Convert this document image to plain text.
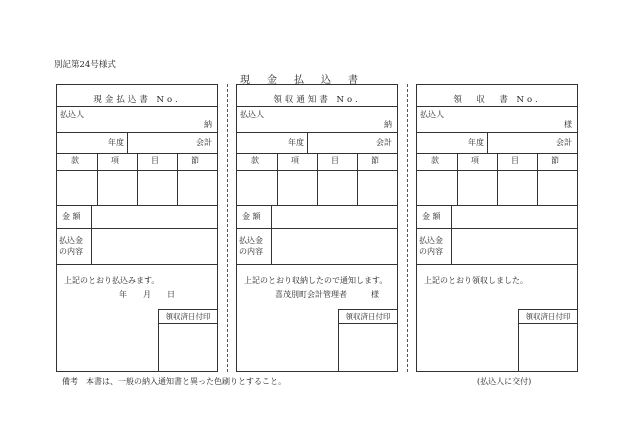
別記第24号様式
現金払込書
現金払込書 No.
払込人
納
年度	会計
款	項	目	節
金 額
払込金
の内容
上記のとおり払込みます。
年　　月　　日
領収済日付印
領収通知書 No.
払込人
納
年度	会計
款	項	目	節
金 額
払込金
の内容
上記のとおり収納したので通知します。
喜茂別町会計管理者　　　様
領収済日付印
領　収　書 No.
払込人
様
年度	会計
款	項	目	節
金 額
払込金
の内容
上記のとおり領収しました。
領収済日付印
備考　本書は、一般の納入通知書と異った色刷りとすること。	(払込人に交付)
